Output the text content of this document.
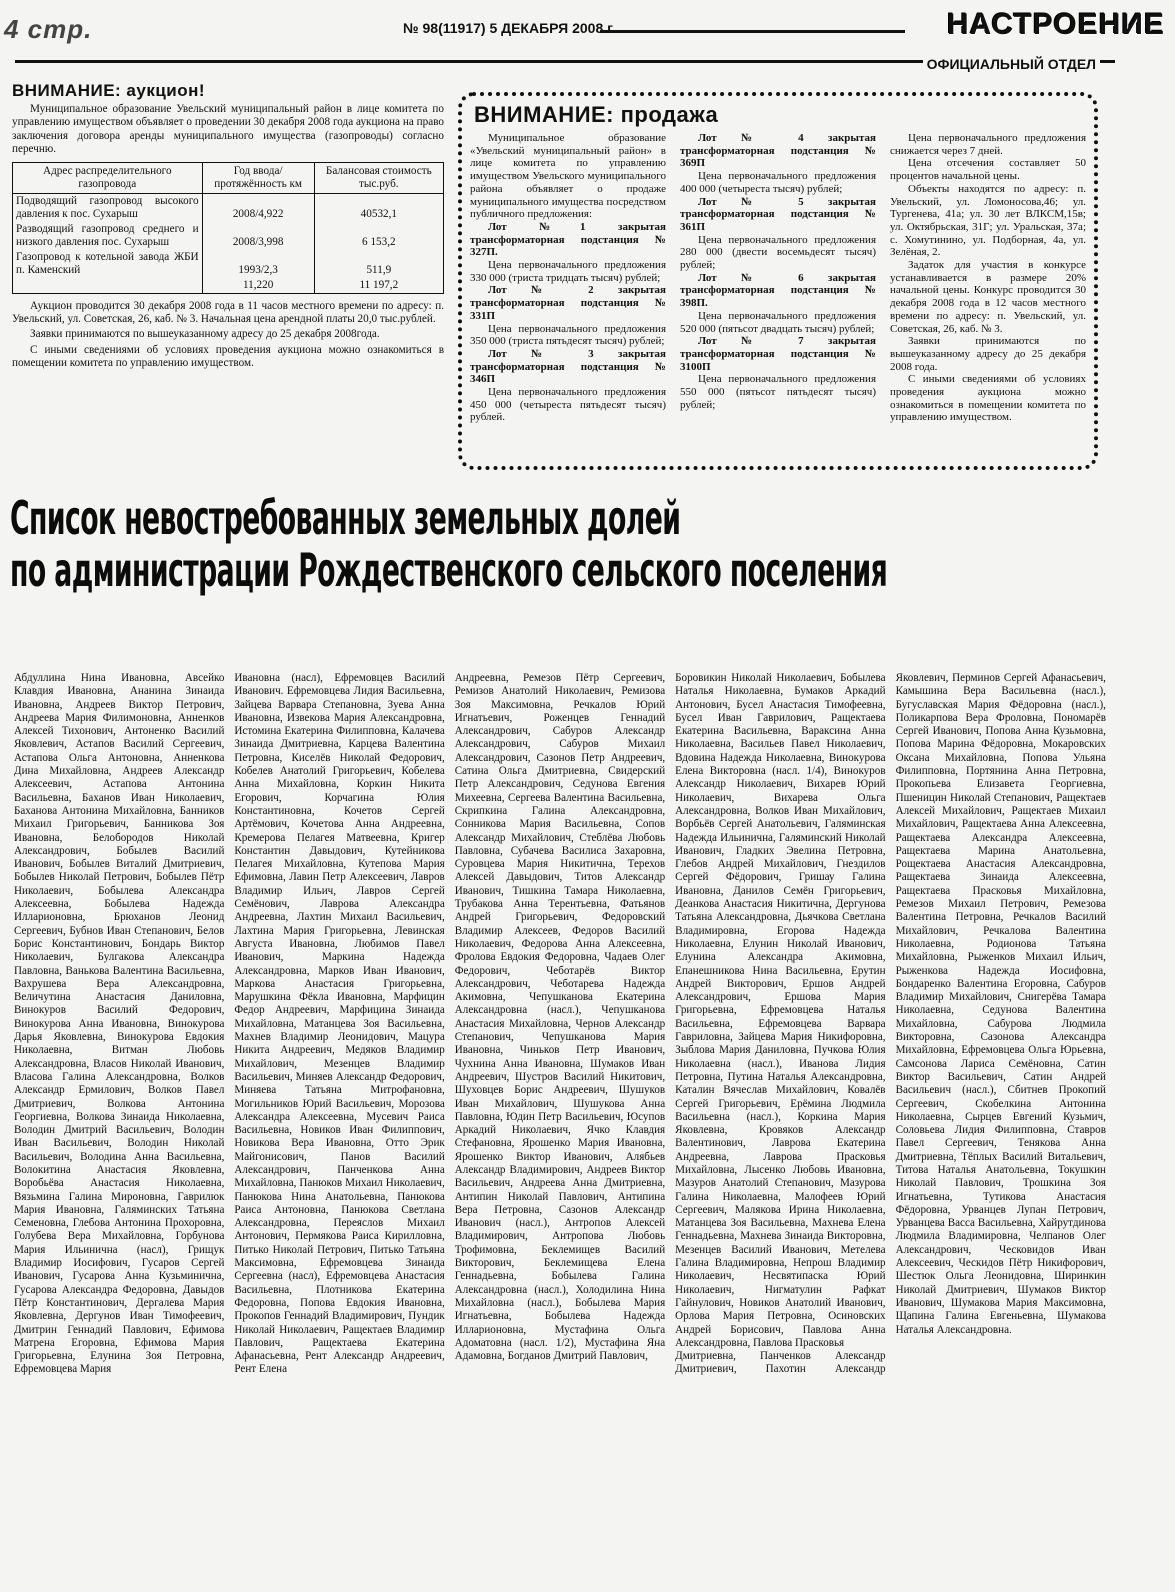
4 стр.	№ 98(11917) 5 ДЕКАБРЯ 2008 г.	НАСТРОЕНИЕ
ОФИЦИАЛЬНЫЙ ОТДЕЛ
ВНИМАНИЕ: аукцион!

Муниципальное образование Увельский муниципальный район в лице комитета по управлению имуществом объявляет о проведении 30 декабря 2008 года аукциона на право заключения договора аренды муниципального имущества (газопроводы) согласно перечню.

Адрес распределительного газопровода	Год ввода/протяжённость км	Балансовая стоимость тыс.руб.
Подводящий газопровод высокого давления к пос. Сухарыш	2008/4,922	40532,1
Разводящий газопровод среднего и низкого давления пос. Сухарыш	2008/3,998	6 153,2
Газопровод к котельной завода ЖБИ п. Каменский	1993/2,3	511,9
	11,220	11 197,2

Аукцион проводится 30 декабря 2008 года в 11 часов местного времени по адресу: п. Увельский, ул. Советская, 26, каб. № 3. Начальная цена арендной платы 20,0 тыс.рублей.

Заявки принимаются по вышеуказанному адресу до 25 декабря 2008года.

С иными сведениями об условиях проведения аукциона можно ознакомиться в помещении комитета по управлению имуществом.

ВНИМАНИЕ: продажа

Муниципальное образование «Увельский муниципальный район» в лице комитета по управлению имуществом Увельского муниципального района объявляет о продаже муниципального имущества посредством публичного предложения:

Лот №1 закрытая трансформаторная подстанция № 327П.

Цена первоначального предложения 330 000 (триста тридцать тысяч) рублей;

Лот № 2 закрытая трансформаторная подстанция № 331П

Цена первоначального предложения 350 000 (триста пятьдесят тысяч) рублей;

Лот № 3 закрытая трансформаторная подстанция № 346П

Цена первоначального предложения 450 000 (четыреста пятьдесят тысяч) рублей.

Лот № 4 закрытая трансформаторная подстанция № 369П

Цена первоначального предложения 400 000 (четыреста тысяч) рублей;

Лот № 5 закрытая трансформаторная подстанция № 361П

Цена первоначального предложения 280 000 (двести восемьдесят тысяч) рублей;

Лот № 6 закрытая трансформаторная подстанция № 398П.

Цена первоначального предложения 520 000 (пятьсот двадцать тысяч) рублей;

Лот № 7 закрытая трансформаторная подстанция № 3100П

Цена первоначального предложения 550 000 (пятьсот пятьдесят тысяч) рублей;

Цена первоначального предложения снижается через 7 дней.

Цена отсечения составляет 50 процентов начальной цены.

Объекты находятся по адресу: п. Увельский, ул. Ломоносова,46; ул. Тургенева, 41а; ул. 30 лет ВЛКСМ,15в; ул. Октябрьская, 31Г; ул. Уральская, 37а; с. Хомутинино, ул. Подборная, 4а, ул. Зелёная, 2.

Задаток для участия в конкурсе устанавливается в размере 20% начальной цены. Конкурс проводится 30 декабря 2008 года в 12 часов местного времени по адресу: п. Увельский, ул. Советская, 26, каб. № 3.

Заявки принимаются по вышеуказанному адресу до 25 декабря 2008 года.

С иными сведениями об условиях проведения аукциона можно ознакомиться в помещении комитета по управлению имуществом.

Список невостребованных земельных долей
по администрации Рождественского сельского поселения

Абдуллина Нина Ивановна, Авсейко Клавдия Ивановна, Ананина Зинаида Ивановна, Андреев Виктор Петрович, Андреева Мария Филимоновна, Анненков Алексей Тихонович, Антоненко Василий Яковлевич, Астапов Василий Сергеевич, Астапова Ольга Антоновна, Анненкова Дина Михайловна, Андреев Александр Алексеевич, Астапова Антонина Васильевна, Баханов Иван Николаевич, Баханова Антонина Михайловна, Банников Михаил Григорьевич, Банникова Зоя Ивановна, Белобородов Николай Александрович, Бобылев Василий Иванович, Бобылев Виталий Дмитриевич, Бобылев Николай Петрович, Бобылев Пётр Николаевич, Бобылева Александра Алексеевна, Бобылева Надежда Илларионовна, Брюханов Леонид Сергеевич, Бубнов Иван Степанович, Белов Борис Константинович, Бондарь Виктор Николаевич, Булгакова Александра Павловна, Ванькова Валентина Васильевна, Вахрушева Вера Александровна, Величутина Анастасия Даниловна, Винокуров Василий Федорович, Винокурова Анна Ивановна, Винокурова Дарья Яковлевна, Винокурова Евдокия Николаевна, Витман Любовь Александровна, Власов Николай Иванович, Власова Галина Александровна, Волков Александр Ермилович, Волков Павел Дмитриевич, Волкова Антонина Георгиевна, Волкова Зинаида Николаевна, Володин Дмитрий Васильевич, Володин Иван Васильевич, Володин Николай Васильевич, Володина Анна Васильевна, Волокитина Анастасия Яковлевна, Воробьёва Анастасия Николаевна, Вязьмина Галина Мироновна, Гаврилюк Мария Ивановна, Галяминских Татьяна Семеновна, Глебова Антонина Прохоровна, Голубева Вера Михайловна, Горбунова Мария Ильинична (насл), Грищук Владимир Иосифович, Гусаров Сергей Иванович, Гусарова Анна Кузьминична, Гусарова Александра Федоровна, Давыдов Пётр Константинович, Дергалева Мария Яковлевна, Дергунов Иван Тимофеевич, Дмитрин Геннадий Павлович, Ефимова Матрена Егоровна, Ефимова Мария Григорьевна, Елунина Зоя Петровна, Ефремовцева Мария

Ивановна (насл), Ефремовцев Василий Иванович. Ефремовцева Лидия Васильевна, Зайцева Варвара Степановна, Зуева Анна Ивановна, Извекова Мария Александровна, Истомина Екатерина Филипповна, Калачева Зинаида Дмитриевна, Карцева Валентина Петровна, Киселёв Николай Федорович, Кобелев Анатолий Григорьевич, Кобелева Анна Михайловна, Коркин Никита Егорович, Корчагина Юлия Константиновна, Кочетов Сергей Артёмович, Кочетова Анна Андреевна, Кремерова Пелагея Матвеевна, Кригер Константин Давыдович, Кутейникова Пелагея Михайловна, Кутепова Мария Ефимовна, Лавин Петр Алексеевич, Лавров Владимир Ильич, Лавров Сергей Семёнович, Лаврова Александра Андреевна, Лахтин Михаил Васильевич, Лахтина Мария Григорьевна, Левинская Августа Ивановна, Любимов Павел Иванович, Маркина Надежда Александровна, Марков Иван Иванович, Маркова Анастасия Григорьевна, Марушкина Фёкла Ивановна, Марфицин Федор Андреевич, Марфицина Зинаида Михайловна, Матанцева Зоя Васильевна, Махнев Владимир Леонидович, Мацура Никита Андреевич, Медяков Владимир Михайлович, Мезенцев Владимир Васильевич, Миняев Александр Федорович, Миняева Татьяна Митрофановна, Могильников Юрий Васильевич, Морозова Александра Алексеевна, Мусевич Раиса Васильевна, Новиков Иван Филиппович, Новикова Вера Ивановна, Отто Эрик Майгонисович, Панов Василий Александрович, Панченкова Анна Михайловна, Панюков Михаил Николаевич, Панюкова Нина Анатольевна, Панюкова Раиса Антоновна, Панюкова Светлана Александровна, Переяслов Михаил Антонович, Пермякова Раиса Кирилловна, Питько Николай Петрович, Питько Татьяна Максимовна, Ефремовцева Зинаида Сергеевна (насл), Ефремовцева Анастасия Васильевна, Плотникова Екатерина Федоровна, Попова Евдокия Ивановна, Прокопов Геннадий Владимирович, Пундик Николай Николаевич, Ращектаев Владимир Павлович, Ращектаева Екатерина Афанасьевна, Рент Александр Андреевич, Рент Елена

Андреевна, Ремезов Пётр Сергеевич, Ремизов Анатолий Николаевич, Ремизова Зоя Максимовна, Речкалов Юрий Игнатьевич, Роженцев Геннадий Александрович, Сабуров Александр Александрович, Сабуров Михаил Александрович, Сазонов Петр Андреевич, Сатина Ольга Дмитриевна, Свидерский Петр Александрович, Седунова Евгения Михеевна, Сергеева Валентина Васильевна, Скрипкина Галина Александровна, Сонникова Мария Васильевна, Сопов Александр Михайлович, Стеблёва Любовь Павловна, Субачева Василиса Захаровна, Суровцева Мария Никитична, Терехов Алексей Давыдович, Титов Александр Иванович, Тишкина Тамара Николаевна, Трубакова Анна Терентьевна, Фатьянов Андрей Григорьевич, Федоровский Владимир Алексеев, Федоров Василий Николаевич, Федорова Анна Алексеевна, Фролова Евдокия Федоровна, Чадаев Олег Федорович, Чеботарёв Виктор Александрович, Чеботарева Надежда Акимовна, Чепушканова Екатерина Александровна (насл.), Чепушканова Анастасия Михайловна, Чернов Александр Степанович, Чепушканова Мария Ивановна, Чиньков Петр Иванович, Чухнина Анна Ивановна, Шумаков Иван Андреевич, Шустров Василий Никитович, Шуховцев Борис Андреевич, Шушуков Иван Михайлович, Шушукова Анна Павловна, Юдин Петр Васильевич, Юсупов Аркадий Николаевич, Ячко Клавдия Стефановна, Ярошенко Мария Ивановна, Ярошенко Виктор Иванович, Алябьев Александр Владимирович, Андреев Виктор Васильевич, Андреева Анна Дмитриевна, Антипин Николай Павлович, Антипина Вера Петровна, Сазонов Александр Иванович (насл.), Антропов Алексей Владимирович, Антропова Любовь Трофимовна, Беклемищев Василий Викторович, Беклемищева Елена Геннадьевна, Бобылева Галина Александровна (насл.), Холодилина Нина Михайловна (насл.), Бобылева Мария Игнатьевна, Бобылева Надежда Илларионовна, Мустафина Ольга Адоматовна (насл. 1/2), Мустафина Яна Адамовна, Богданов Дмитрий Павлович,

Боровикин Николай Николаевич, Бобылева Наталья Николаевна, Бумаков Аркадий Антонович, Бусел Анастасия Тимофеевна, Бусел Иван Гаврилович, Ращектаева Екатерина Васильевна, Вараксина Анна Николаевна, Васильев Павел Николаевич, Вдовина Надежда Николаевна, Винокурова Елена Викторовна (насл. 1/4), Винокуров Александр Николаевич, Вихарев Юрий Николаевич, Вихарева Ольга Александровна, Волков Иван Михайлович, Ворбьёв Сергей Анатольевич, Галяминская Надежда Ильинична, Галяминский Николай Иванович, Гладких Эвелина Петровна, Глебов Андрей Михайлович, Гнездилов Сергей Фёдорович, Гришау Галина Ивановна, Данилов Семён Григорьевич, Деанкова Анастасия Никитична, Дергунова Татьяна Александровна, Дьячкова Светлана Владимировна, Егорова Надежда Николаевна, Елунин Николай Иванович, Елунина Александра Акимовна, Епанешникова Нина Васильевна, Ерутин Андрей Викторович, Ершов Андрей Александрович, Ершова Мария Григорьевна, Ефремовцева Наталья Васильевна, Ефремовцева Варвара Гавриловна, Зайцева Мария Никифоровна, Зыблова Мария Даниловна, Пучкова Юлия Николаевна (насл.), Иванова Лидия Петровна, Путина Наталья Александровна, Каталин Вячеслав Михайлович, Ковалёв Сергей Григорьевич, Ерёмина Людмила Васильевна (насл.), Коркина Мария Яковлевна, Кровяков Александр Валентинович, Лаврова Екатерина Андреевна, Лаврова Прасковья Михайловна, Лысенко Любовь Ивановна, Мазуров Анатолий Степанович, Мазурова Галина Николаевна, Малофеев Юрий Сергеевич, Малякова Ирина Николаевна, Матанцева Зоя Васильевна, Махнева Елена Геннадьевна, Махнева Зинаида Викторовна, Мезенцев Василий Иванович, Метелева Галина Владимировна, Непрош Владимир Николаевич, Несвятипаска Юрий Николаевич, Нигматулин Рафкат Гайнулович, Новиков Анатолий Иванович, Орлова Мария Петровна, Осиновских Андрей Борисович, Павлова Анна Александровна, Павлова Прасковья

Дмитриевна, Панченков Александр Дмитриевич, Пахотин Александр Яковлевич, Перминов Сергей Афанасьевич, Камышина Вера Васильевна (насл.), Бугуславская Мария Фёдоровна (насл.), Поликарпова Вера Фроловна, Пономарёв Сергей Иванович, Попова Анна Кузьмовна, Попова Марина Фёдоровна, Мокаровских Оксана Михайловна, Попова Ульяна Филипповна, Портянина Анна Петровна, Прокопьева Елизавета Георгиевна, Пшеницин Николай Степанович, Ращектаев Алексей Михайлович, Ращектаев Михаил Михайлович, Ращектаева Анна Алексеевна, Ращектаева Александра Алексеевна, Ращектаева Марина Анатольевна, Рощектаева Анастасия Александровна, Ращектаева Зинаида Алексеевна, Ращектаева Прасковья Михайловна, Ремезов Михаил Петрович, Ремезова Валентина Петровна, Речкалов Василий Михайлович, Речкалова Валентина Николаевна, Родионова Татьяна Михайловна, Рыженков Михаил Ильич, Рыженкова Надежда Иосифовна, Бондаренко Валентина Егоровна, Сабуров Владимир Михайлович, Снигерёва Тамара Николаевна, Седунова Валентина Михайловна, Сабурова Людмила Викторовна, Сазонова Александра Михайловна, Ефремовцева Ольга Юрьевна, Самсонова Лариса Семёновна, Сатин Виктор Васильевич, Сатин Андрей Васильевич (насл.), Сбитнев Прокопий Сергеевич, Скобелкина Антонина Николаевна, Сырцев Евгений Кузьмич, Соловьева Лидия Филипповна, Ставров Павел Сергеевич, Тенякова Анна Дмитриевна, Тёплых Василий Витальевич, Титова Наталья Анатольевна, Токушкин Николай Павлович, Трошкина Зоя Игнатьевна, Тутикова Анастасия Фёдоровна, Урванцев Лупан Петрович, Урванцева Васса Васильевна, Хайрутдинова Людмила Владимировна, Челпанов Олег Александрович, Ческовидов Иван Алексеевич, Ческидов Пётр Никифорович, Шестюк Ольга Леонидовна, Ширинкин Николай Дмитриевич, Шумаков Виктор Иванович, Шумакова Мария Максимовна, Щапина Галина Евгеньевна, Шумакова Наталья Александровна.
